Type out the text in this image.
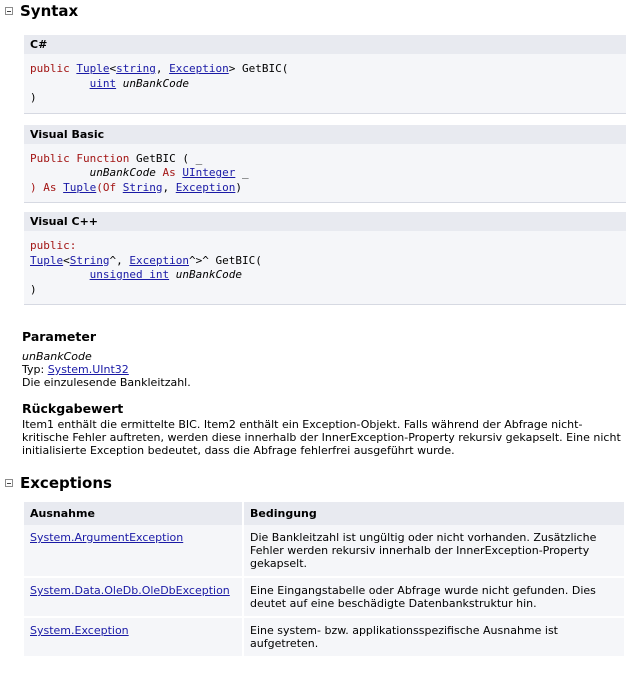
Syntax
C#
public Tuple<string, Exception> GetBIC(
uint unBankCode
)
Visual Basic
Public Function GetBIC ( _
unBankCode As UInteger _
) As Tuple(Of String, Exception)
Visual C++
public:
Tuple<String^, Exception^>^ GetBIC(
unsigned int unBankCode
)
Parameter
unBankCode
Typ: System.UInt32
Die einzulesende Bankleitzahl.
Rückgabewert
Item1 enthält die ermittelte BIC. Item2 enthält ein Exception-Objekt. Falls während der Abfrage nicht-kritische Fehler auftreten, werden diese innerhalb der InnerException-Property rekursiv gekapselt. Eine nicht initialisierte Exception bedeutet, dass die Abfrage fehlerfrei ausgeführt wurde.
Exceptions
Ausnahme	Bedingung
System.ArgumentException	Die Bankleitzahl ist ungültig oder nicht vorhanden. Zusätzliche Fehler werden rekursiv innerhalb der InnerException-Property gekapselt.
System.Data.OleDb.OleDbException	Eine Eingangstabelle oder Abfrage wurde nicht gefunden. Dies deutet auf eine beschädigte Datenbankstruktur hin.
System.Exception	Eine system- bzw. applikationsspezifische Ausnahme ist aufgetreten.
